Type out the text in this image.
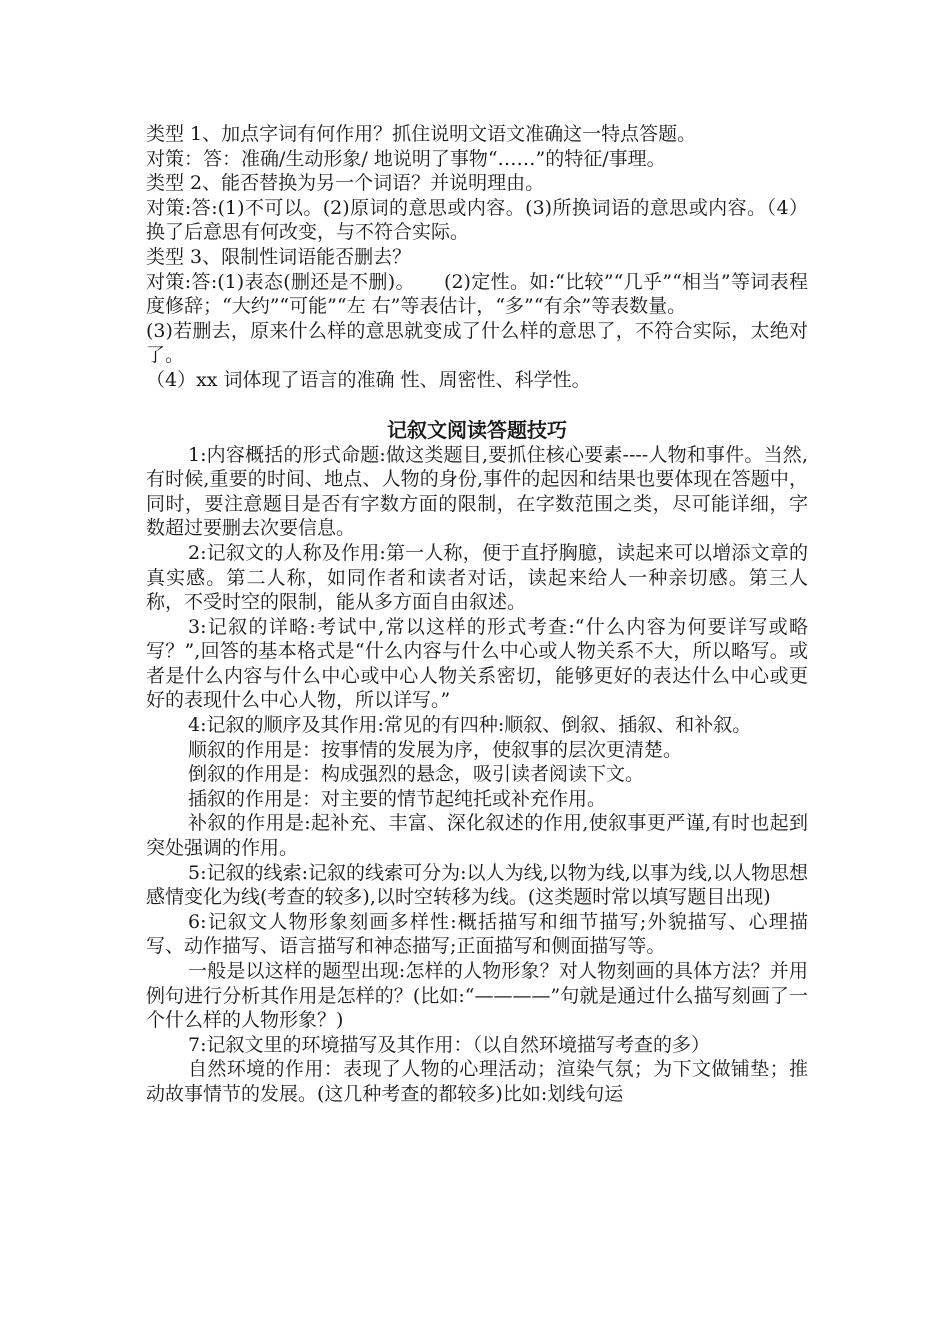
类型 1、加点字词有何作用？抓住说明文语文准确这一特点答题。

对策：答：准确/生动形象/ 地说明了事物“……”的特征/事理。

类型 2、能否替换为另一个词语？并说明理由。

对策:答:(1)不可以。(2)原词的意思或内容。(3)所换词语的意思或内容。（4）换了后意思有何改变，与不符合实际。

类型 3、限制性词语能否删去？

对策:答:(1)表态(删还是不删)。　　(2)定性。如:“比较”“几乎”“相当”等词表程度修辞；“大约”“可能”“左 右”等表估计，“多”“有余”等表数量。

(3)若删去，原来什么样的意思就变成了什么样的意思了，不符合实际，太绝对了。

（4）xx 词体现了语言的准确 性、周密性、科学性。

记叙文阅读答题技巧

1:内容概括的形式命题:做这类题目,要抓住核心要素----人物和事件。当然,有时候,重要的时间、地点、人物的身份,事件的起因和结果也要体现在答题中，同时，要注意题目是否有字数方面的限制，在字数范围之类，尽可能详细，字数超过要删去次要信息。

2:记叙文的人称及作用:第一人称，便于直抒胸臆，读起来可以增添文章的真实感。第二人称，如同作者和读者对话，读起来给人一种亲切感。第三人称，不受时空的限制，能从多方面自由叙述。

3:记叙的详略:考试中,常以这样的形式考查:“什么内容为何要详写或略写？”,回答的基本格式是“什么内容与什么中心或人物关系不大，所以略写。或者是什么内容与什么中心或中心人物关系密切，能够更好的表达什么中心或更好的表现什么中心人物，所以详写。”

4:记叙的顺序及其作用:常见的有四种:顺叙、倒叙、插叙、和补叙。

顺叙的作用是：按事情的发展为序，使叙事的层次更清楚。

倒叙的作用是：构成强烈的悬念，吸引读者阅读下文。

插叙的作用是：对主要的情节起纯托或补充作用。

补叙的作用是:起补充、丰富、深化叙述的作用,使叙事更严谨,有时也起到突处强调的作用。

5:记叙的线索:记叙的线索可分为:以人为线,以物为线,以事为线,以人物思想感情变化为线(考查的较多),以时空转移为线。(这类题时常以填写题目出现)

6:记叙文人物形象刻画多样性:概括描写和细节描写;外貌描写、心理描写、动作描写、语言描写和神态描写;正面描写和侧面描写等。

一般是以这样的题型出现:怎样的人物形象？对人物刻画的具体方法？并用例句进行分析其作用是怎样的？(比如:“————”句就是通过什么描写刻画了一个什么样的人物形象？)

7:记叙文里的环境描写及其作用：（以自然环境描写考查的多）

自然环境的作用：表现了人物的心理活动；渲染气氛；为下文做铺垫；推动故事情节的发展。(这几种考查的都较多)比如:划线句运
